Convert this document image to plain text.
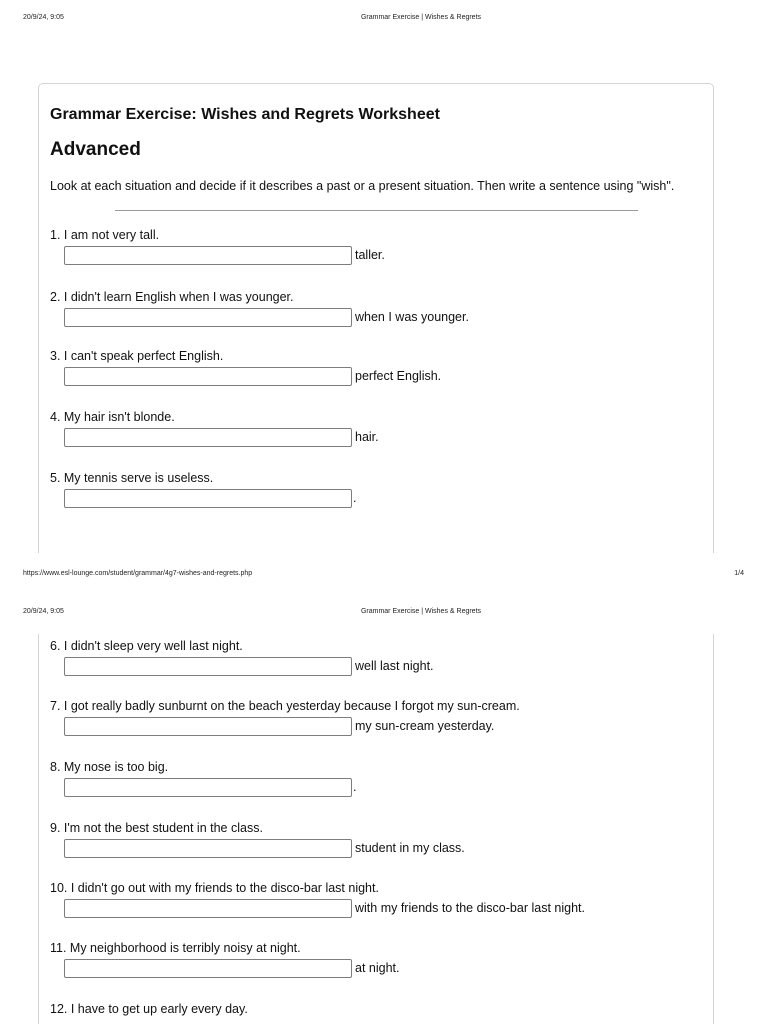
20/9/24, 9:05	Grammar Exercise | Wishes & Regrets
Grammar Exercise: Wishes and Regrets Worksheet
Advanced

Look at each situation and decide if it describes a past or a present situation. Then write a sentence using "wish".

1. I am not very tall.

taller.

2. I didn't learn English when I was younger.

when I was younger.

3. I can't speak perfect English.

perfect English.

4. My hair isn't blonde.

hair.

5. My tennis serve is useless.

.
https://www.esl-lounge.com/student/grammar/4g7-wishes-and-regrets.php	1/4
20/9/24, 9:05	Grammar Exercise | Wishes & Regrets

6. I didn't sleep very well last night.

well last night.

7. I got really badly sunburnt on the beach yesterday because I forgot my sun-cream.

my sun-cream yesterday.

8. My nose is too big.

.

9. I'm not the best student in the class.

student in my class.

10. I didn't go out with my friends to the disco-bar last night.

with my friends to the disco-bar last night.

11. My neighborhood is terribly noisy at night.

at night.

12. I have to get up early every day.
